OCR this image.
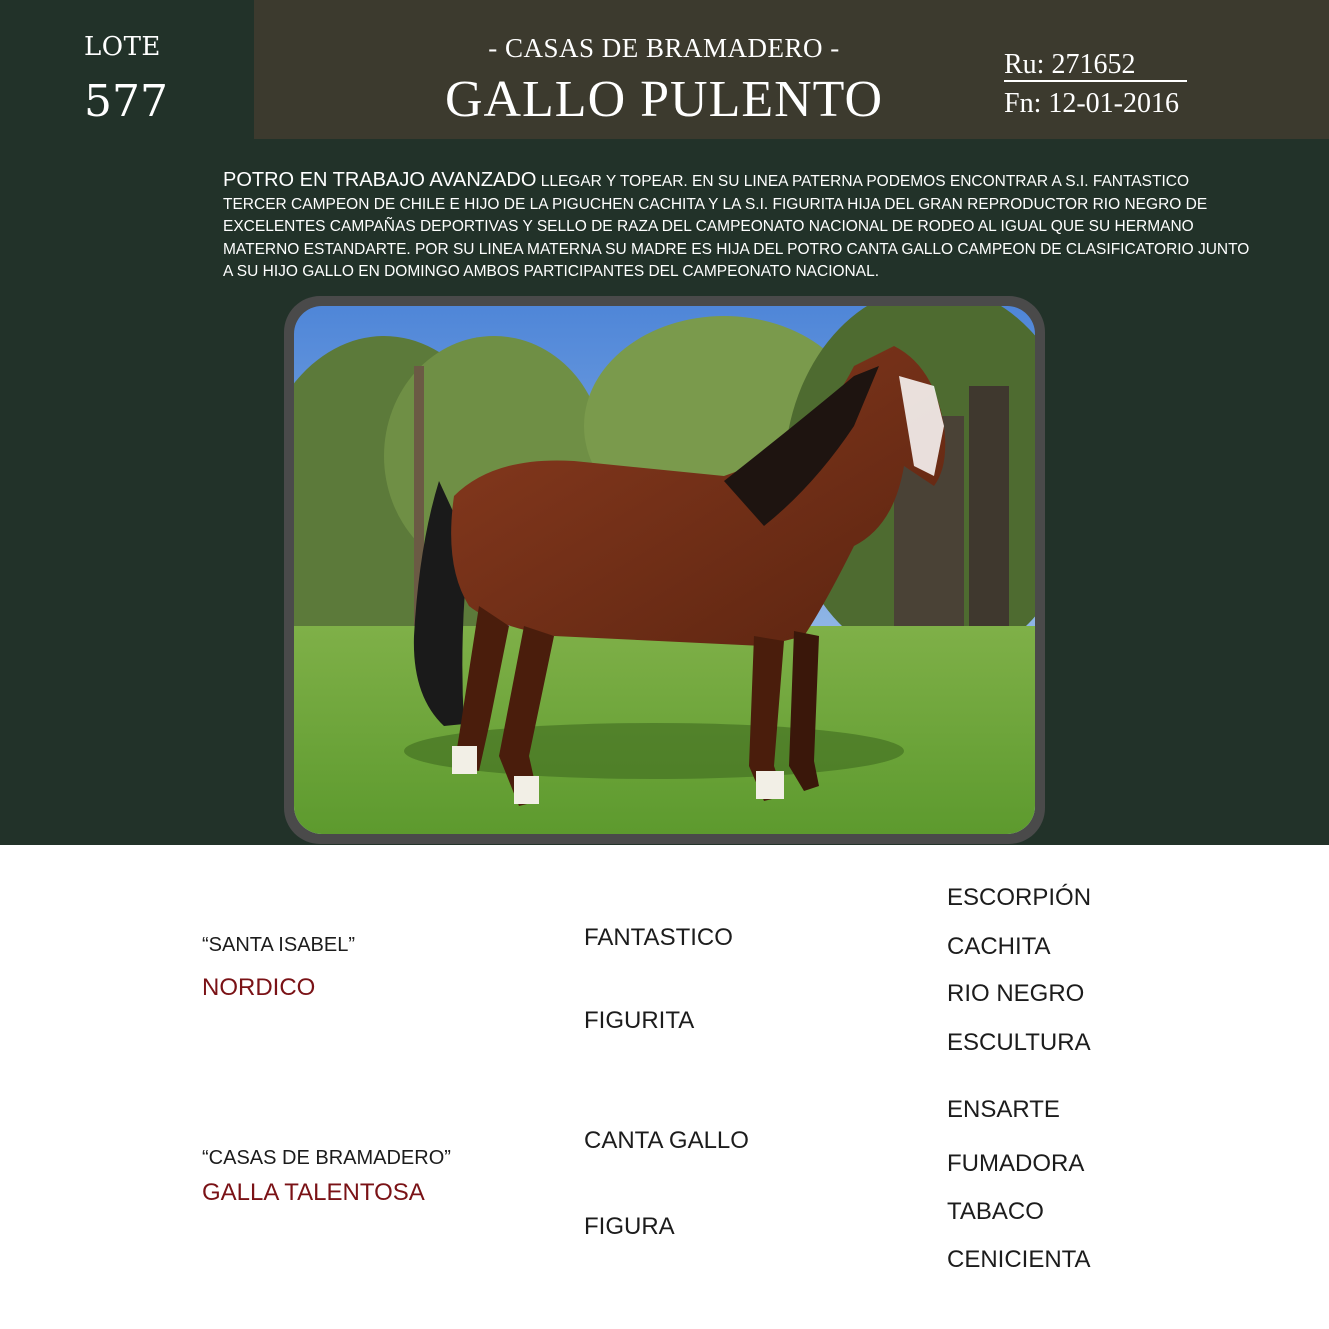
LOTE
577
- CASAS DE BRAMADERO -
GALLO PULENTO
Ru: 271652
Fn: 12-01-2016
POTRO EN TRABAJO AVANZADO LLEGAR Y TOPEAR. EN SU LINEA PATERNA PODEMOS ENCONTRAR A S.I. FANTASTICO TERCER CAMPEON DE CHILE E HIJO DE LA PIGUCHEN CACHITA Y LA S.I. FIGURITA HIJA DEL GRAN REPRODUCTOR RIO NEGRO DE EXCELENTES CAMPAÑAS DEPORTIVAS Y SELLO DE RAZA DEL CAMPEONATO NACIONAL DE RODEO AL IGUAL QUE SU HERMANO MATERNO ESTANDARTE. POR SU LINEA MATERNA SU MADRE ES HIJA DEL POTRO CANTA GALLO CAMPEON DE CLASIFICATORIO JUNTO A SU HIJO GALLO EN DOMINGO AMBOS PARTICIPANTES DEL CAMPEONATO NACIONAL.
“SANTA ISABEL”
NORDICO
“CASAS DE BRAMADERO”
GALLA TALENTOSA
FANTASTICO
FIGURITA
CANTA GALLO
FIGURA
ESCORPIÓN
CACHITA
RIO NEGRO
ESCULTURA
ENSARTE
FUMADORA
TABACO
CENICIENTA
